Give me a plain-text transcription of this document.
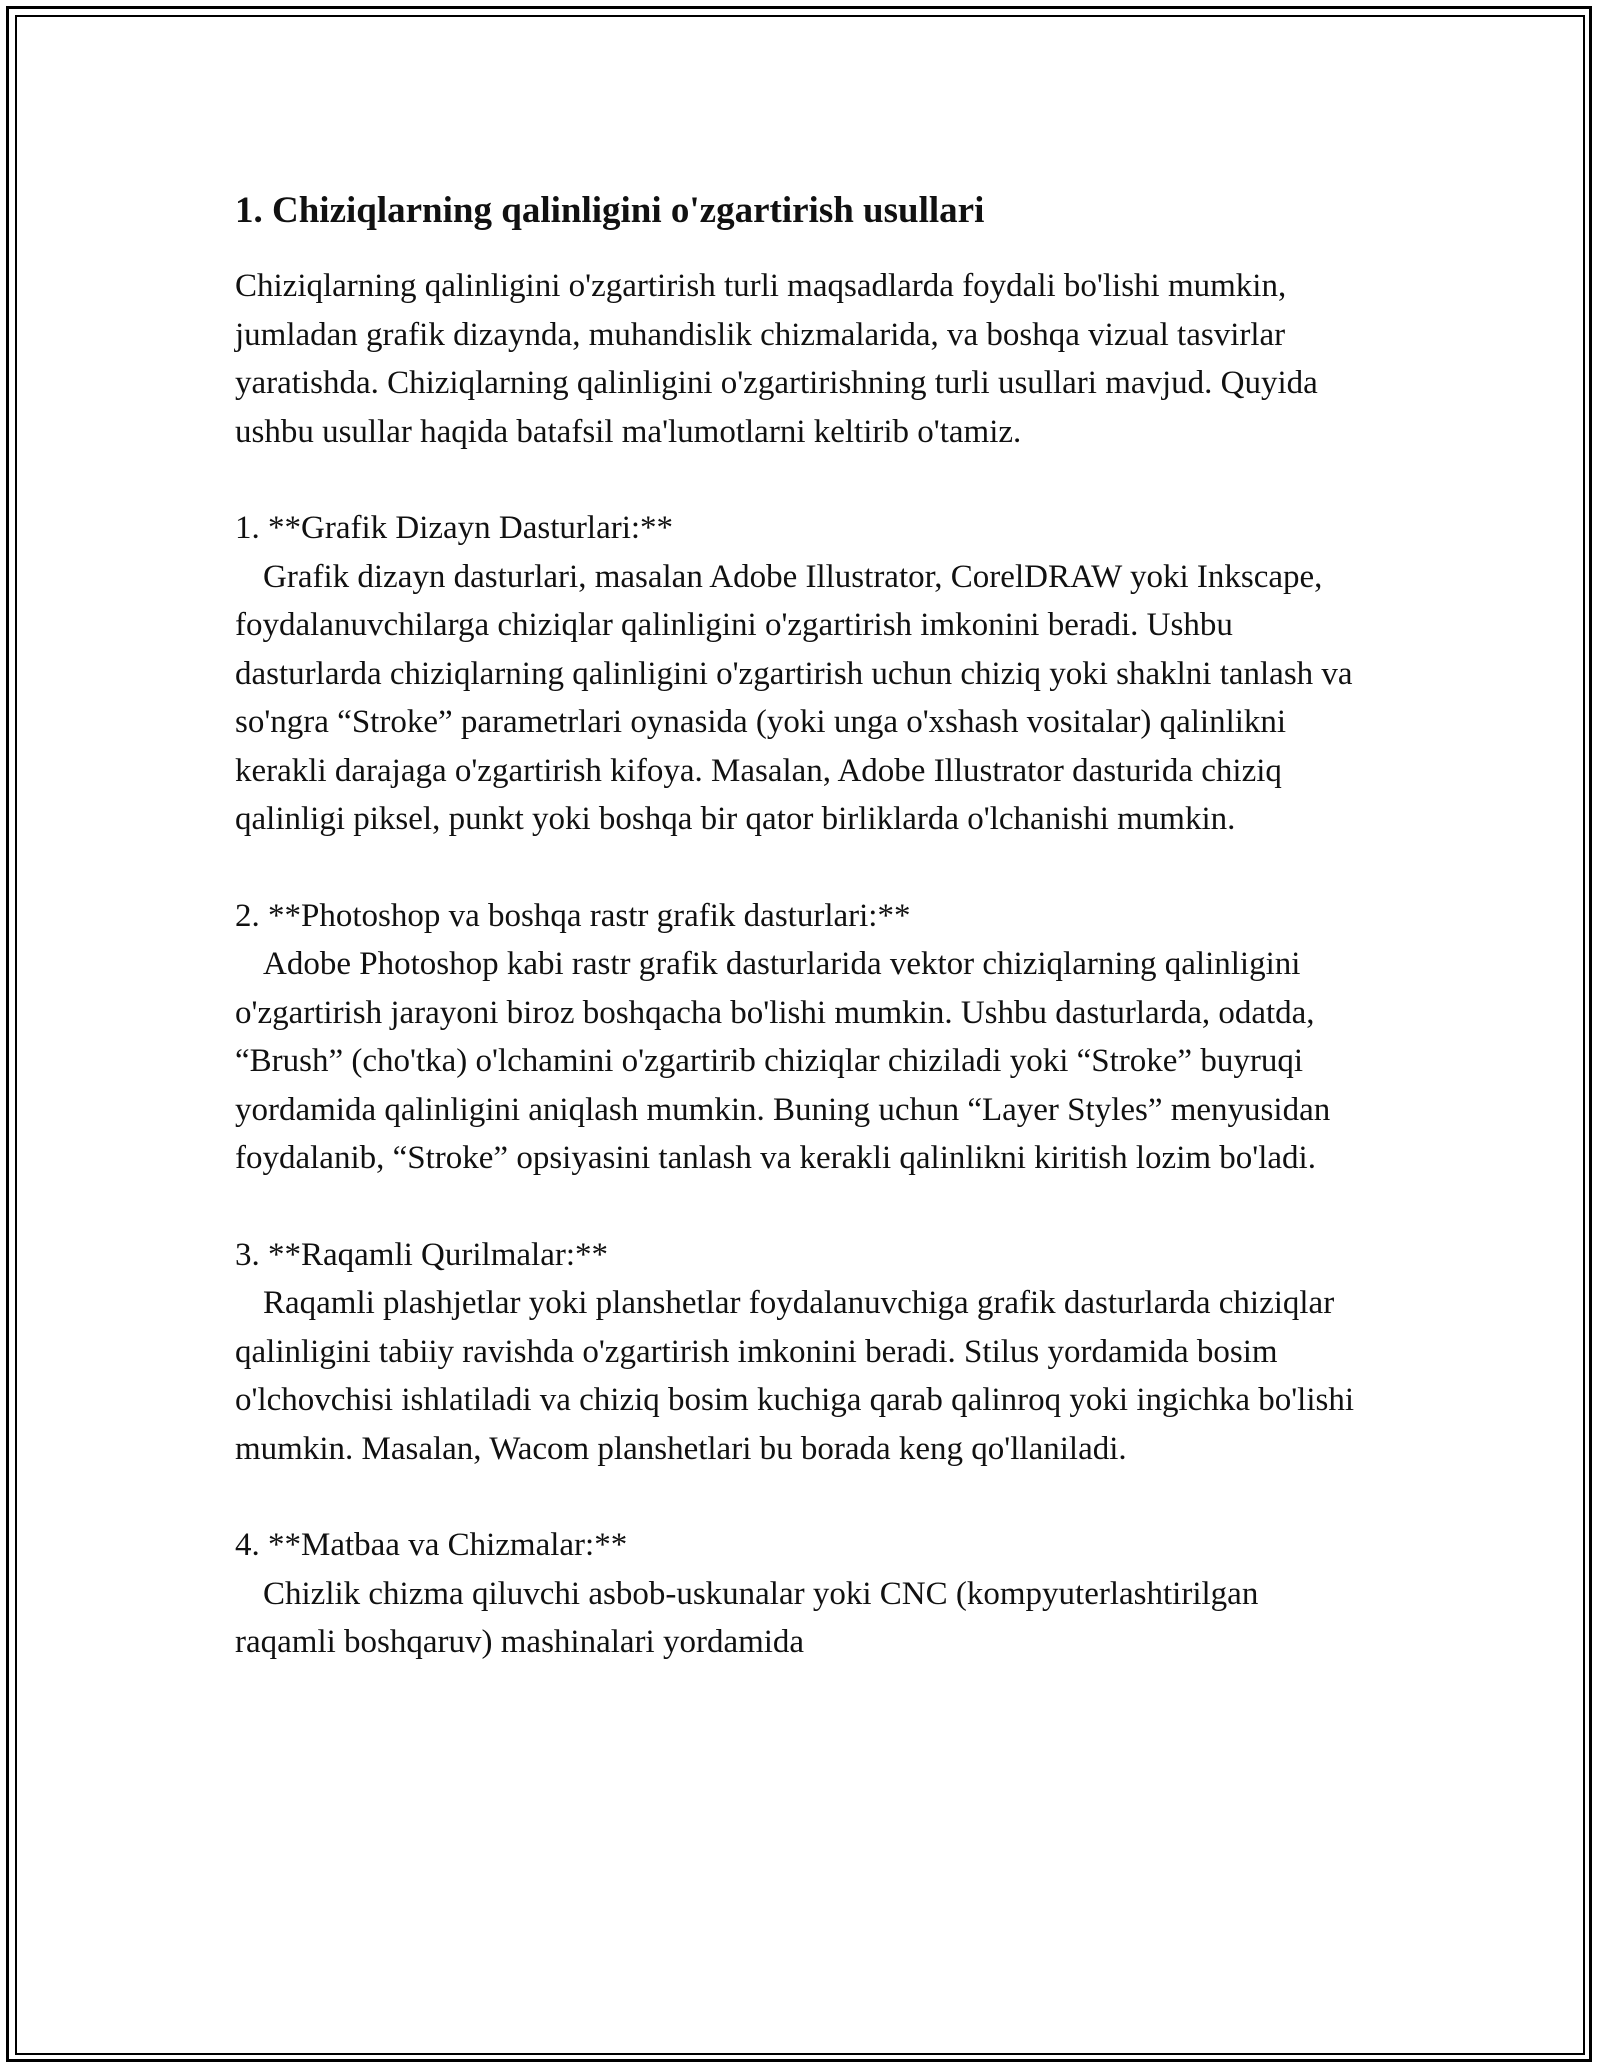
1. Chiziqlarning qalinligini o'zgartirish usullari

Chiziqlarning qalinligini o'zgartirish turli maqsadlarda foydali bo'lishi mumkin, jumladan grafik dizaynda, muhandislik chizmalarida, va boshqa vizual tasvirlar yaratishda. Chiziqlarning qalinligini o'zgartirishning turli usullari mavjud. Quyida ushbu usullar haqida batafsil ma'lumotlarni keltirib o'tamiz.

1. **Grafik Dizayn Dasturlari:**
Grafik dizayn dasturlari, masalan Adobe Illustrator, CorelDRAW yoki Inkscape, foydalanuvchilarga chiziqlar qalinligini o'zgartirish imkonini beradi. Ushbu dasturlarda chiziqlarning qalinligini o'zgartirish uchun chiziq yoki shaklni tanlash va so'ngra “Stroke” parametrlari oynasida (yoki unga o'xshash vositalar) qalinlikni kerakli darajaga o'zgartirish kifoya. Masalan, Adobe Illustrator dasturida chiziq qalinligi piksel, punkt yoki boshqa bir qator birliklarda o'lchanishi mumkin.
2. **Photoshop va boshqa rastr grafik dasturlari:**
Adobe Photoshop kabi rastr grafik dasturlarida vektor chiziqlarning qalinligini o'zgartirish jarayoni biroz boshqacha bo'lishi mumkin. Ushbu dasturlarda, odatda, “Brush” (cho'tka) o'lchamini o'zgartirib chiziqlar chiziladi yoki “Stroke” buyruqi yordamida qalinligini aniqlash mumkin. Buning uchun “Layer Styles” menyusidan foydalanib, “Stroke” opsiyasini tanlash va kerakli qalinlikni kiritish lozim bo'ladi.
3. **Raqamli Qurilmalar:**
Raqamli plashjetlar yoki planshetlar foydalanuvchiga grafik dasturlarda chiziqlar qalinligini tabiiy ravishda o'zgartirish imkonini beradi. Stilus yordamida bosim o'lchovchisi ishlatiladi va chiziq bosim kuchiga qarab qalinroq yoki ingichka bo'lishi mumkin. Masalan, Wacom planshetlari bu borada keng qo'llaniladi.
4. **Matbaa va Chizmalar:**
Chizlik chizma qiluvchi asbob-uskunalar yoki CNC (kompyuterlashtirilgan raqamli boshqaruv) mashinalari yordamida
